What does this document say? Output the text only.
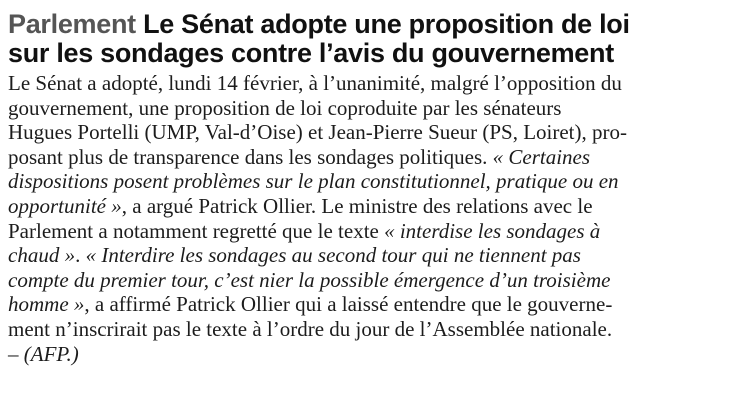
Parlement Le Sénat adopte une proposition de loi
sur les sondages contre l’avis du gouvernement

Le Sénat a adopté, lundi 14 février, à l’unanimité, malgré l’opposition du
gouvernement, une proposition de loi coproduite par les sénateurs
Hugues Portelli (UMP, Val-d’Oise) et Jean-Pierre Sueur (PS, Loiret), pro-
posant plus de transparence dans les sondages politiques. « Certaines
dispositions posent problèmes sur le plan constitutionnel, pratique ou en
opportunité », a argué Patrick Ollier. Le ministre des relations avec le
Parlement a notamment regretté que le texte « interdise les sondages à
chaud ». « Interdire les sondages au second tour qui ne tiennent pas
compte du premier tour, c’est nier la possible émergence d’un troisième
homme », a affirmé Patrick Ollier qui a laissé entendre que le gouverne-
ment n’inscrirait pas le texte à l’ordre du jour de l’Assemblée nationale.
– (AFP.)
